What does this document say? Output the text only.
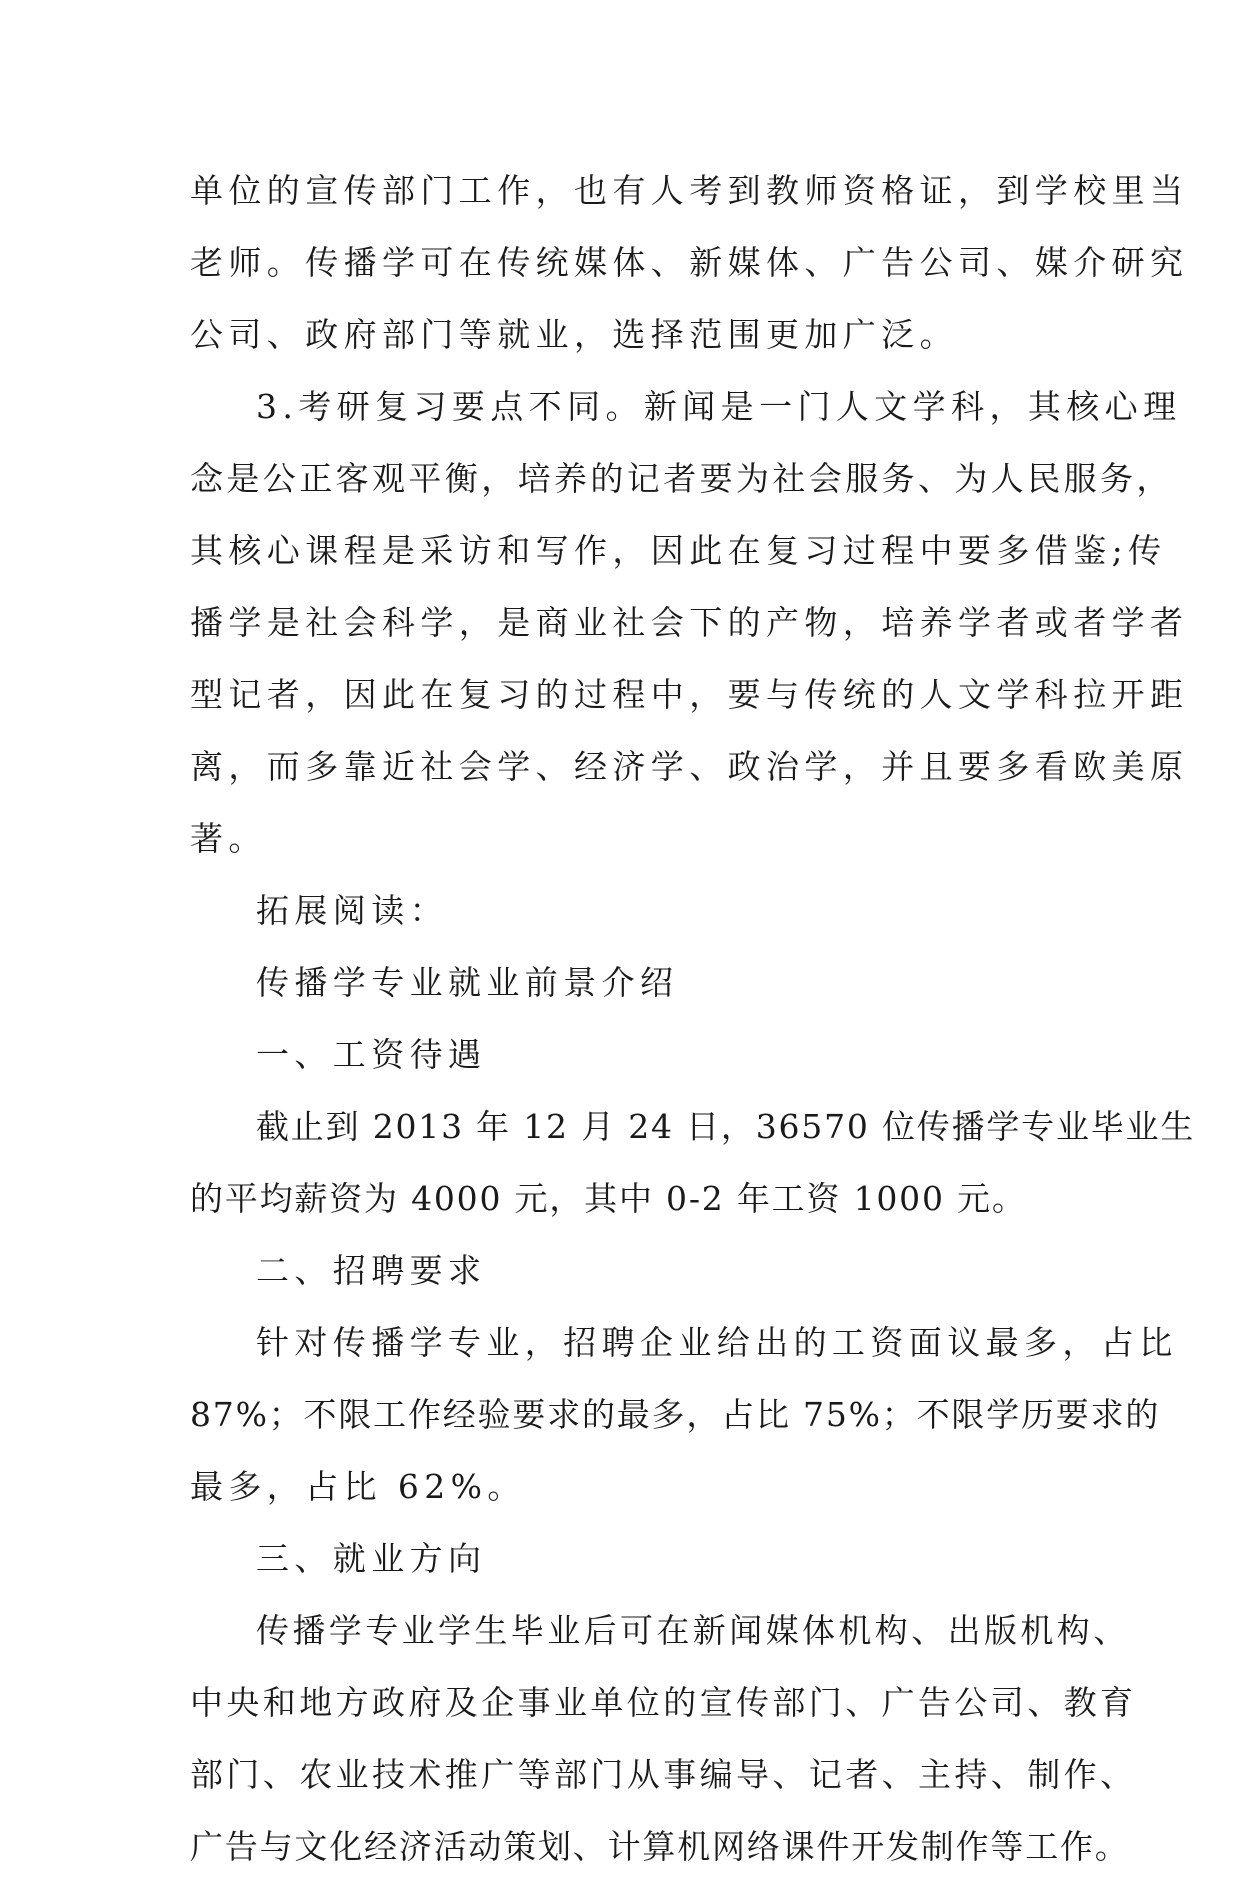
单位的宣传部门工作，也有人考到教师资格证，到学校里当

老师。传播学可在传统媒体、新媒体、广告公司、媒介研究

公司、政府部门等就业，选择范围更加广泛。

3.考研复习要点不同。新闻是一门人文学科，其核心理

念是公正客观平衡，培养的记者要为社会服务、为人民服务，

其核心课程是采访和写作，因此在复习过程中要多借鉴;传

播学是社会科学，是商业社会下的产物，培养学者或者学者

型记者，因此在复习的过程中，要与传统的人文学科拉开距

离，而多靠近社会学、经济学、政治学，并且要多看欧美原

著。

拓展阅读：

传播学专业就业前景介绍

一、工资待遇

截止到 2013 年 12 月 24 日，36570 位传播学专业毕业生

的平均薪资为 4000 元，其中 0-2 年工资 1000 元。

二、招聘要求

针对传播学专业，招聘企业给出的工资面议最多，占比

87%；不限工作经验要求的最多，占比 75%；不限学历要求的

最多，占比 62%。

三、就业方向

传播学专业学生毕业后可在新闻媒体机构、出版机构、

中央和地方政府及企事业单位的宣传部门、广告公司、教育

部门、农业技术推广等部门从事编导、记者、主持、制作、

广告与文化经济活动策划、计算机网络课件开发制作等工作。
